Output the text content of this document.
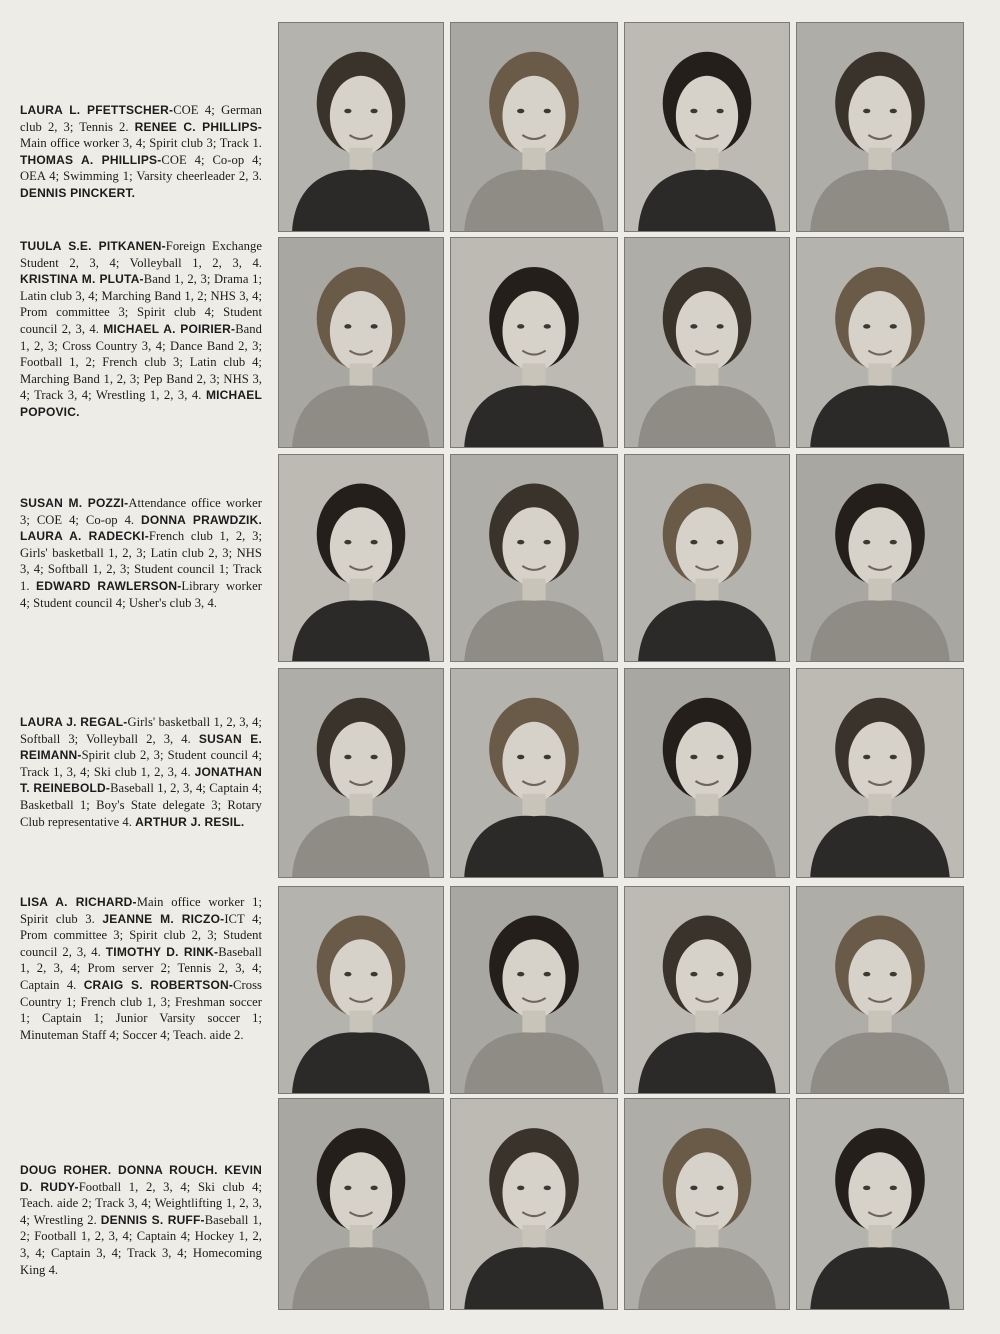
LAURA L. PFETTSCHER-COE 4; German club 2, 3; Tennis 2. RENEE C. PHILLIPS-Main office worker 3, 4; Spirit club 3; Track 1. THOMAS A. PHILLIPS-COE 4; Co-op 4; OEA 4; Swimming 1; Varsity cheerleader 2, 3. DENNIS PINCKERT.
TUULA S.E. PITKANEN-Foreign Exchange Student 2, 3, 4; Volleyball 1, 2, 3, 4. KRISTINA M. PLUTA-Band 1, 2, 3; Drama 1; Latin club 3, 4; Marching Band 1, 2; NHS 3, 4; Prom committee 3; Spirit club 4; Student council 2, 3, 4. MICHAEL A. POIRIER-Band 1, 2, 3; Cross Country 3, 4; Dance Band 2, 3; Football 1, 2; French club 3; Latin club 4; Marching Band 1, 2, 3; Pep Band 2, 3; NHS 3, 4; Track 3, 4; Wrestling 1, 2, 3, 4. MICHAEL POPOVIC.
SUSAN M. POZZI-Attendance office worker 3; COE 4; Co-op 4. DONNA PRAWDZIK. LAURA A. RADECKI-French club 1, 2, 3; Girls' basketball 1, 2, 3; Latin club 2, 3; NHS 3, 4; Softball 1, 2, 3; Student council 1; Track 1. EDWARD RAWLERSON-Library worker 4; Student council 4; Usher's club 3, 4.
LAURA J. REGAL-Girls' basketball 1, 2, 3, 4; Softball 3; Volleyball 2, 3, 4. SUSAN E. REIMANN-Spirit club 2, 3; Student council 4; Track 1, 3, 4; Ski club 1, 2, 3, 4. JONATHAN T. REINEBOLD-Baseball 1, 2, 3, 4; Captain 4; Basketball 1; Boy's State delegate 3; Rotary Club representative 4. ARTHUR J. RESIL.
LISA A. RICHARD-Main office worker 1; Spirit club 3. JEANNE M. RICZO-ICT 4; Prom committee 3; Spirit club 2, 3; Student council 2, 3, 4. TIMOTHY D. RINK-Baseball 1, 2, 3, 4; Prom server 2; Tennis 2, 3, 4; Captain 4. CRAIG S. ROBERTSON-Cross Country 1; French club 1, 3; Freshman soccer 1; Captain 1; Junior Varsity soccer 1; Minuteman Staff 4; Soccer 4; Teach. aide 2.
DOUG ROHER. DONNA ROUCH. KEVIN D. RUDY-Football 1, 2, 3, 4; Ski club 4; Teach. aide 2; Track 3, 4; Weightlifting 1, 2, 3, 4; Wrestling 2. DENNIS S. RUFF-Baseball 1, 2; Football 1, 2, 3, 4; Captain 4; Hockey 1, 2, 3, 4; Captain 3, 4; Track 3, 4; Homecoming King 4.
